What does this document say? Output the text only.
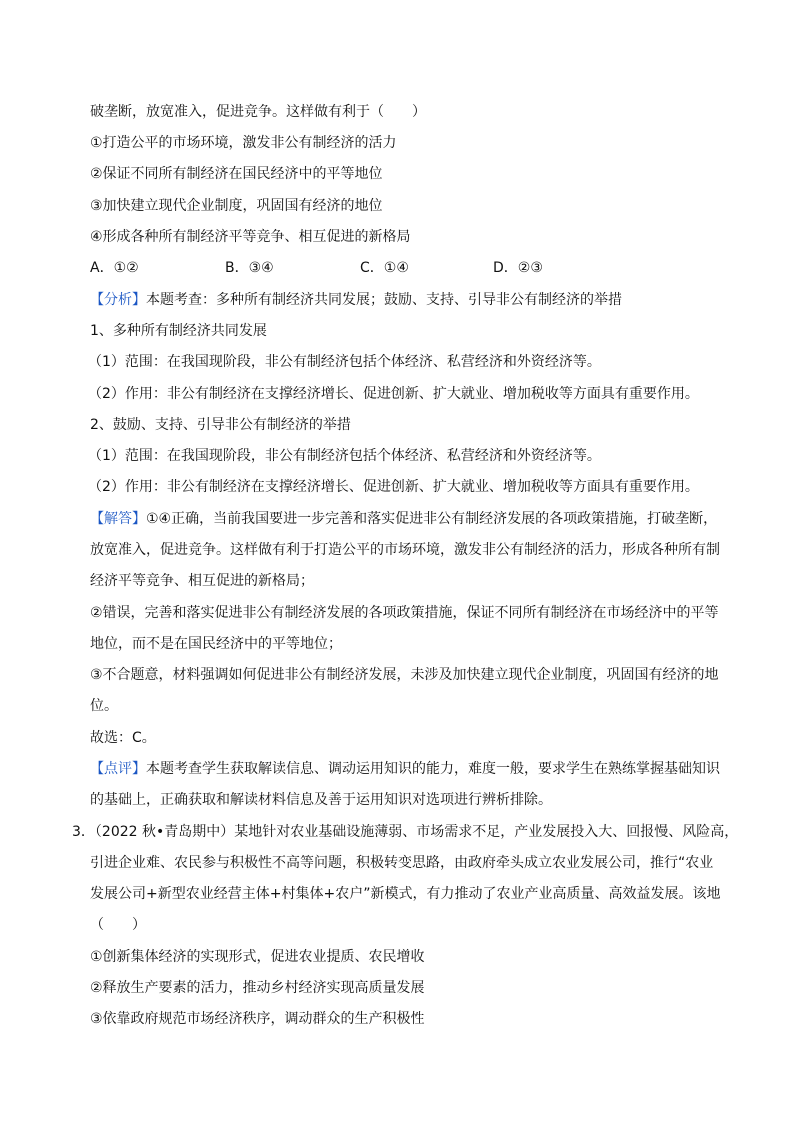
破垄断，放宽准入，促进竞争。这样做有利于（　　）
①打造公平的市场环境，激发非公有制经济的活力
②保证不同所有制经济在国民经济中的平等地位
③加快建立现代企业制度，巩固国有经济的地位
④形成各种所有制经济平等竞争、相互促进的新格局
A．①②	B．③④	C．①④	D．②③
【分析】本题考查：多种所有制经济共同发展；鼓励、支持、引导非公有制经济的举措
1、多种所有制经济共同发展
（1）范围：在我国现阶段，非公有制经济包括个体经济、私营经济和外资经济等。
（2）作用：非公有制经济在支撑经济增长、促进创新、扩大就业、增加税收等方面具有重要作用。
2、鼓励、支持、引导非公有制经济的举措
（1）范围：在我国现阶段，非公有制经济包括个体经济、私营经济和外资经济等。
（2）作用：非公有制经济在支撑经济增长、促进创新、扩大就业、增加税收等方面具有重要作用。
【解答】①④正确，当前我国要进一步完善和落实促进非公有制经济发展的各项政策措施，打破垄断，
放宽准入，促进竞争。这样做有利于打造公平的市场环境，激发非公有制经济的活力，形成各种所有制
经济平等竞争、相互促进的新格局；
②错误，完善和落实促进非公有制经济发展的各项政策措施，保证不同所有制经济在市场经济中的平等
地位，而不是在国民经济中的平等地位；
③不合题意，材料强调如何促进非公有制经济发展，未涉及加快建立现代企业制度，巩固国有经济的地
位。
故选：C。
【点评】本题考查学生获取解读信息、调动运用知识的能力，难度一般，要求学生在熟练掌握基础知识
的基础上，正确获取和解读材料信息及善于运用知识对选项进行辨析排除。
3．（2022 秋•青岛期中）某地针对农业基础设施薄弱、市场需求不足，产业发展投入大、回报慢、风险高，
引进企业难、农民参与积极性不高等问题，积极转变思路，由政府牵头成立农业发展公司，推行“农业
发展公司+新型农业经营主体+村集体+农户”新模式，有力推动了农业产业高质量、高效益发展。该地
（　　）
①创新集体经济的实现形式，促进农业提质、农民增收
②释放生产要素的活力，推动乡村经济实现高质量发展
③依靠政府规范市场经济秩序，调动群众的生产积极性
